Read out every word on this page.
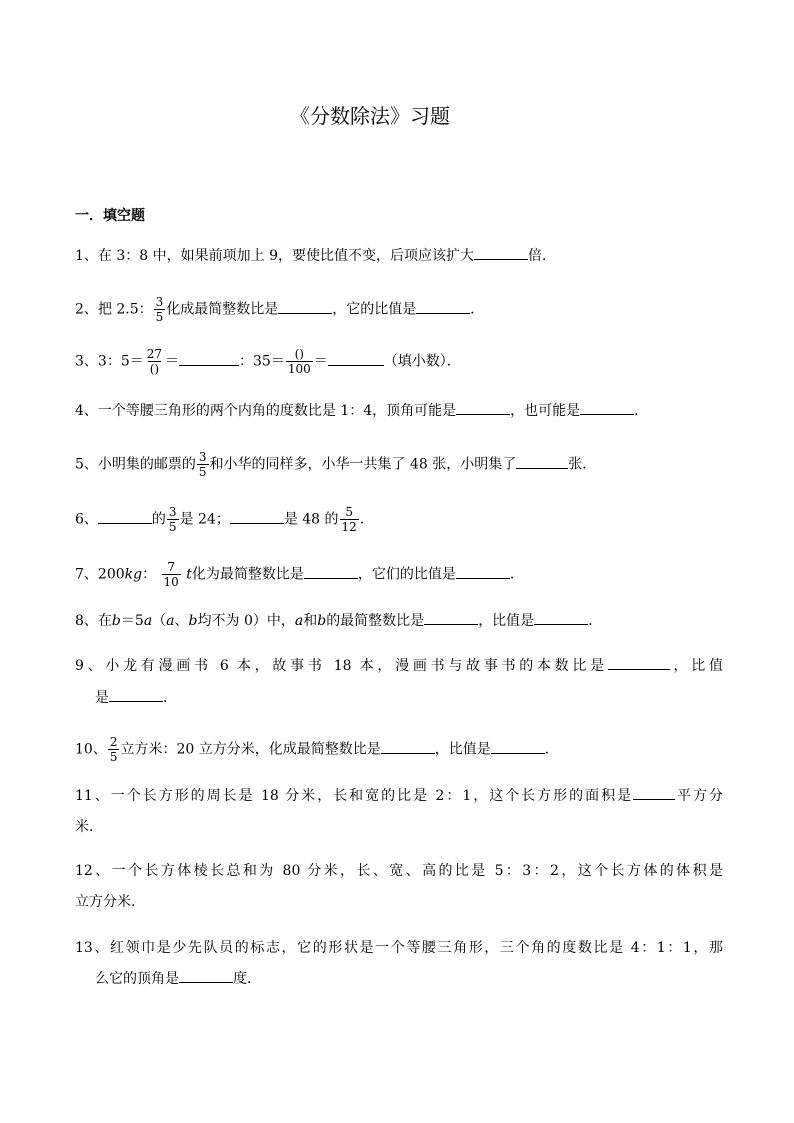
《分数除法》习题
一．填空题
1、在 3：8 中，如果前项加上 9，要使比值不变，后项应该扩大	倍．
2、把 2.5： $\frac{3}{5}$ 化成最简整数比是	，它的比值是	．
3、3：$5= \frac{27}{()}$ ＝	：$35= \frac{()}{100}$ ＝	（填小数）．
4、一个等腰三角形的两个内角的度数比是 1：4，顶角可能是	，也可能是	．
5、小明集的邮票的 $\frac{3}{5}$ 和小华的同样多，小华一共集了 48 张，小明集了	张．
6、	的 $\frac{3}{5}$ 是 24；	是 48 的 $\frac{5}{12}$ ．
7、200kg： $\frac{7}{10}$ t化为最简整数比是	，它们的比值是	．
8、在b＝5a（a、b均不为 0）中，a和b的最简整数比是	，比值是	．
9、小龙有漫画书 6 本，故事书 18 本，漫画书与故事书的本数比是	，比值
是	．
10、 $\frac{2}{5}$ 立方米：20 立方分米，化成最简整数比是	，比值是	．
11、一个长方形的周长是 18 分米，长和宽的比是 2：1，这个长方形的面积是	平方分
米．
12、一个长方体棱长总和为 80 分米，长、宽、高的比是 5：3：2，这个长方体的体积是
立方分米．
13、红领巾是少先队员的标志，它的形状是一个等腰三角形，三个角的度数比是 4：1：1，那
么它的顶角是	度．
